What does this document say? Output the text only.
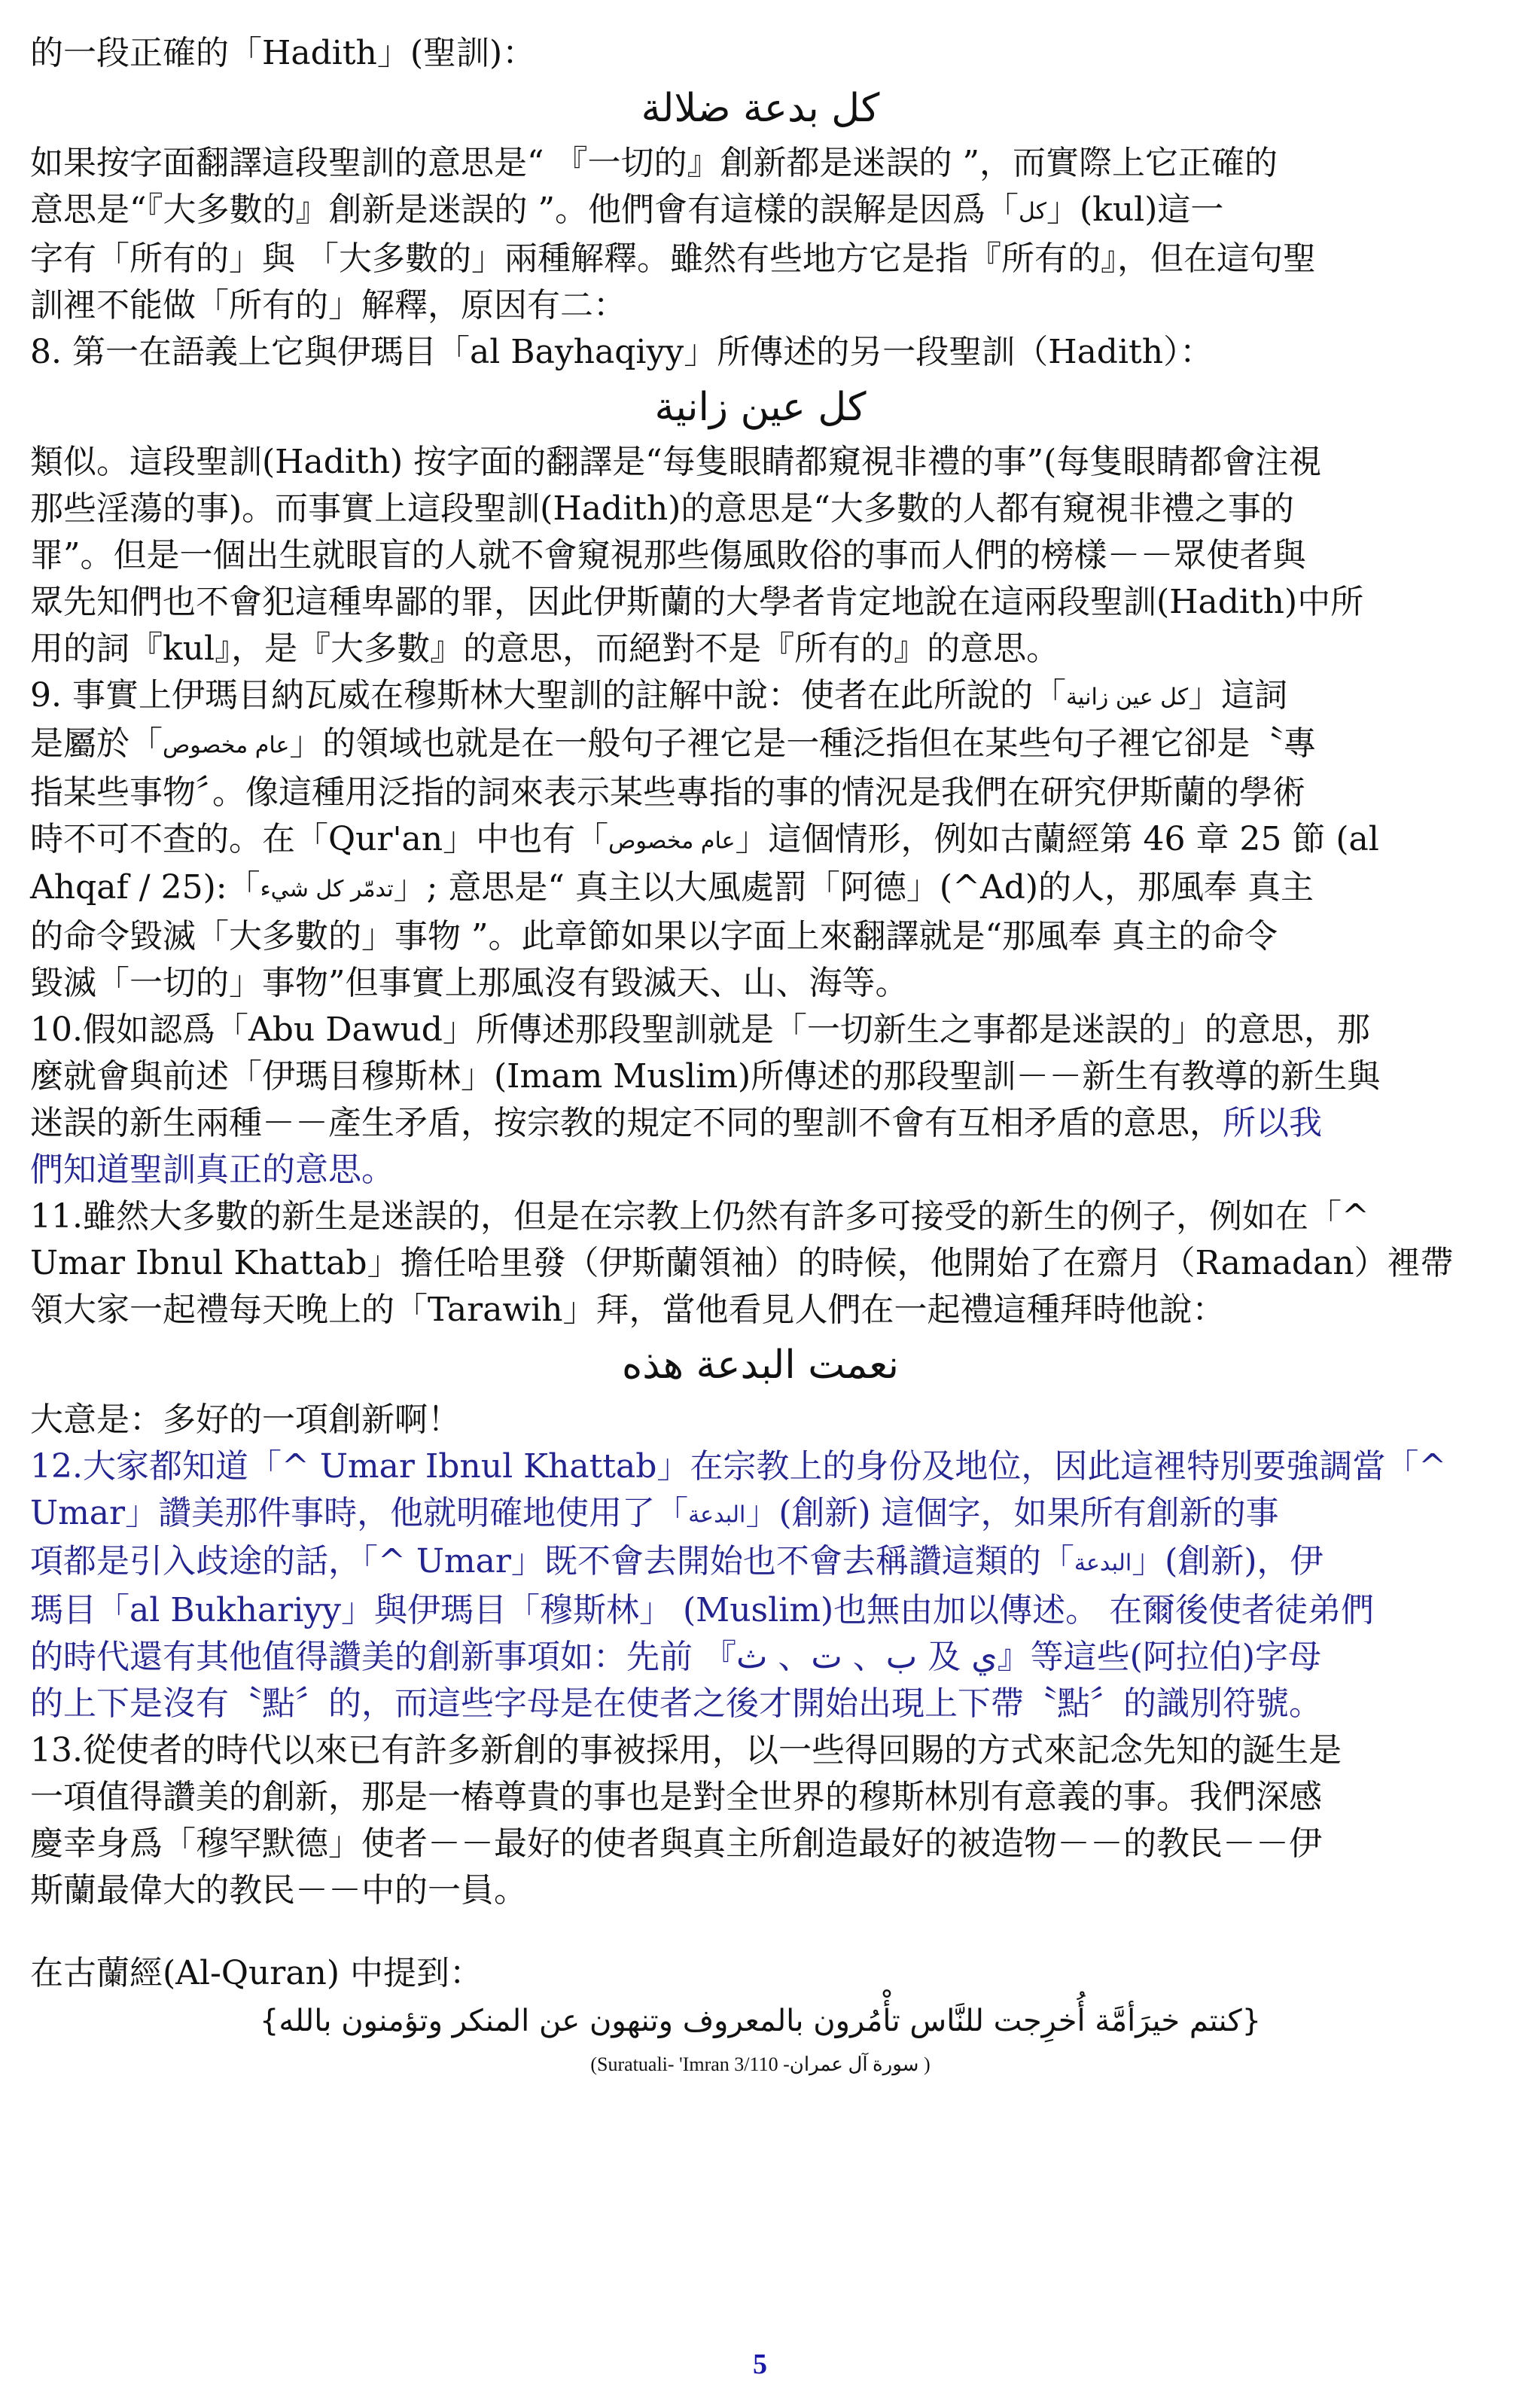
的一段正確的「Hadith」(聖訓)：

كل بدعة ضلالة

如果按字面翻譯這段聖訓的意思是“ 『一切的』創新都是迷誤的 ”，而實際上它正確的

意思是“『大多數的』創新是迷誤的 ”。他們會有這樣的誤解是因爲「كل」(kul)這一

字有「所有的」與 「大多數的」兩種解釋。雖然有些地方它是指『所有的』，但在這句聖

訓裡不能做「所有的」解釋，原因有二：

8. 第一在語義上它與伊瑪目「al Bayhaqiyy」所傳述的另一段聖訓（Hadith）：

كل عين زانية

類似。這段聖訓(Hadith) 按字面的翻譯是“每隻眼睛都窺視非禮的事”(每隻眼睛都會注視

那些淫蕩的事)。而事實上這段聖訓(Hadith)的意思是“大多數的人都有窺視非禮之事的

罪”。但是一個出生就眼盲的人就不會窺視那些傷風敗俗的事而人們的榜樣－－眾使者與

眾先知們也不會犯這種卑鄙的罪，因此伊斯蘭的大學者肯定地說在這兩段聖訓(Hadith)中所

用的詞『kul』，是『大多數』的意思，而絕對不是『所有的』的意思。

9. 事實上伊瑪目納瓦威在穆斯林大聖訓的註解中說：使者在此所說的「كل عين زانية」這詞

是屬於「عام مخصوص」的領域也就是在一般句子裡它是一種泛指但在某些句子裡它卻是〝專

指某些事物〞。像這種用泛指的詞來表示某些專指的事的情況是我們在研究伊斯蘭的學術

時不可不查的。在「Qur'an」中也有「عام مخصوص」這個情形，例如古蘭經第 46 章 25 節 (al

Ahqaf / 25):「تدمّر كل شيء」; 意思是“ 真主以大風處罰「阿德」(^Ad)的人，那風奉 真主

的命令毀滅「大多數的」事物 ”。此章節如果以字面上來翻譯就是“那風奉 真主的命令

毀滅「一切的」事物”但事實上那風沒有毀滅天、山、海等。

10.假如認爲「Abu Dawud」所傳述那段聖訓就是「一切新生之事都是迷誤的」的意思，那

麼就會與前述「伊瑪目穆斯林」(Imam Muslim)所傳述的那段聖訓－－新生有教導的新生與

迷誤的新生兩種－－產生矛盾，按宗教的規定不同的聖訓不會有互相矛盾的意思，所以我

們知道聖訓真正的意思。

11.雖然大多數的新生是迷誤的，但是在宗教上仍然有許多可接受的新生的例子，例如在「^

Umar Ibnul Khattab」擔任哈里發（伊斯蘭領袖）的時候，他開始了在齋月（Ramadan）裡帶

領大家一起禮每天晚上的「Tarawih」拜，當他看見人們在一起禮這種拜時他說：

نعمت البدعة هذه

大意是：多好的一項創新啊！

12.大家都知道「^ Umar Ibnul Khattab」在宗教上的身份及地位，因此這裡特別要強調當「^

Umar」讚美那件事時，他就明確地使用了「البدعة」(創新) 這個字，如果所有創新的事

項都是引入歧途的話，「^ Umar」既不會去開始也不會去稱讚這類的「البدعة」(創新)，伊

瑪目「al Bukhariyy」與伊瑪目「穆斯林」 (Muslim)也無由加以傳述。 在爾後使者徒弟們

的時代還有其他值得讚美的創新事項如：先前 『ب、 ت、 ث 及 ي』等這些(阿拉伯)字母

的上下是沒有〝點〞的，而這些字母是在使者之後才開始出現上下帶〝點〞的識別符號。

13.從使者的時代以來已有許多新創的事被採用，以一些得回賜的方式來記念先知的誕生是

一項值得讚美的創新，那是一樁尊貴的事也是對全世界的穆斯林別有意義的事。我們深感

慶幸身爲「穆罕默德」使者－－最好的使者與真主所創造最好的被造物－－的教民－－伊

斯蘭最偉大的教民－－中的一員。

在古蘭經(Al-Quran) 中提到：

{كنتم خيرَأمَّة أُخرِجت للنَّاس تأْمُرون بالمعروف وتنهون عن المنكر وتؤمنون بالله}

(Suratuali- 'Imran 3/110 -سورة آل عمران )

5
